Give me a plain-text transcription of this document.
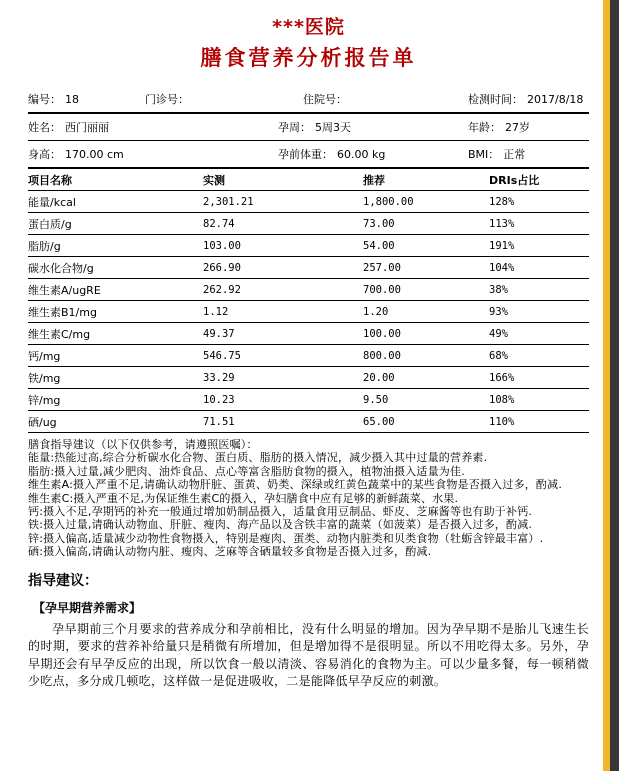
***医院
膳食营养分析报告单
编号： 18	门诊号：	住院号：	检测时间： 2017/8/18
姓名： 西门丽丽	孕周： 5周3天	年龄： 27岁
身高： 170.00 cm	孕前体重： 60.00 kg	BMI： 正常
项目名称	实测	推荐	DRIs占比
能量/kcal	2,301.21	1,800.00	128%
蛋白质/g	82.74	73.00	113%
脂肪/g	103.00	54.00	191%
碳水化合物/g	266.90	257.00	104%
维生素A/ugRE	262.92	700.00	38%
维生素B1/mg	1.12	1.20	93%
维生素C/mg	49.37	100.00	49%
钙/mg	546.75	800.00	68%
铁/mg	33.29	20.00	166%
锌/mg	10.23	9.50	108%
硒/ug	71.51	65.00	110%
膳食指导建议（以下仅供参考，请遵照医嘱）：
能量:热能过高,综合分析碳水化合物、蛋白质、脂肪的摄入情况，减少摄入其中过量的营养素.
脂肪:摄入过量,减少肥肉、油炸食品、点心等富含脂肪食物的摄入，植物油摄入适量为佳.
维生素A:摄入严重不足,请确认动物肝脏、蛋黄、奶类、深绿或红黄色蔬菜中的某些食物是否摄入过多，酌减.
维生素C:摄入严重不足,为保证维生素C的摄入，孕妇膳食中应有足够的新鲜蔬菜、水果.
钙:摄入不足,孕期钙的补充一般通过增加奶制品摄入，适量食用豆制品、虾皮、芝麻酱等也有助于补钙.
铁:摄入过量,请确认动物血、肝脏、瘦肉、海产品以及含铁丰富的蔬菜（如菠菜）是否摄入过多，酌减.
锌:摄入偏高,适量减少动物性食物摄入，特别是瘦肉、蛋类、动物内脏类和贝类食物（牡蛎含锌最丰富）.
硒:摄入偏高,请确认动物内脏、瘦肉、芝麻等含硒量较多食物是否摄入过多，酌减.
指导建议：
【孕早期营养需求】
孕早期前三个月要求的营养成分和孕前相比，没有什么明显的增加。因为孕早期不是胎儿飞速生长的时期，要求的营养补给量只是稍微有所增加，但是增加得不是很明显。所以不用吃得太多。另外，孕早期还会有早孕反应的出现，所以饮食一般以清淡、容易消化的食物为主。可以少量多餐，每一顿稍微少吃点，多分成几顿吃，这样做一是促进吸收，二是能降低早孕反应的刺激。
